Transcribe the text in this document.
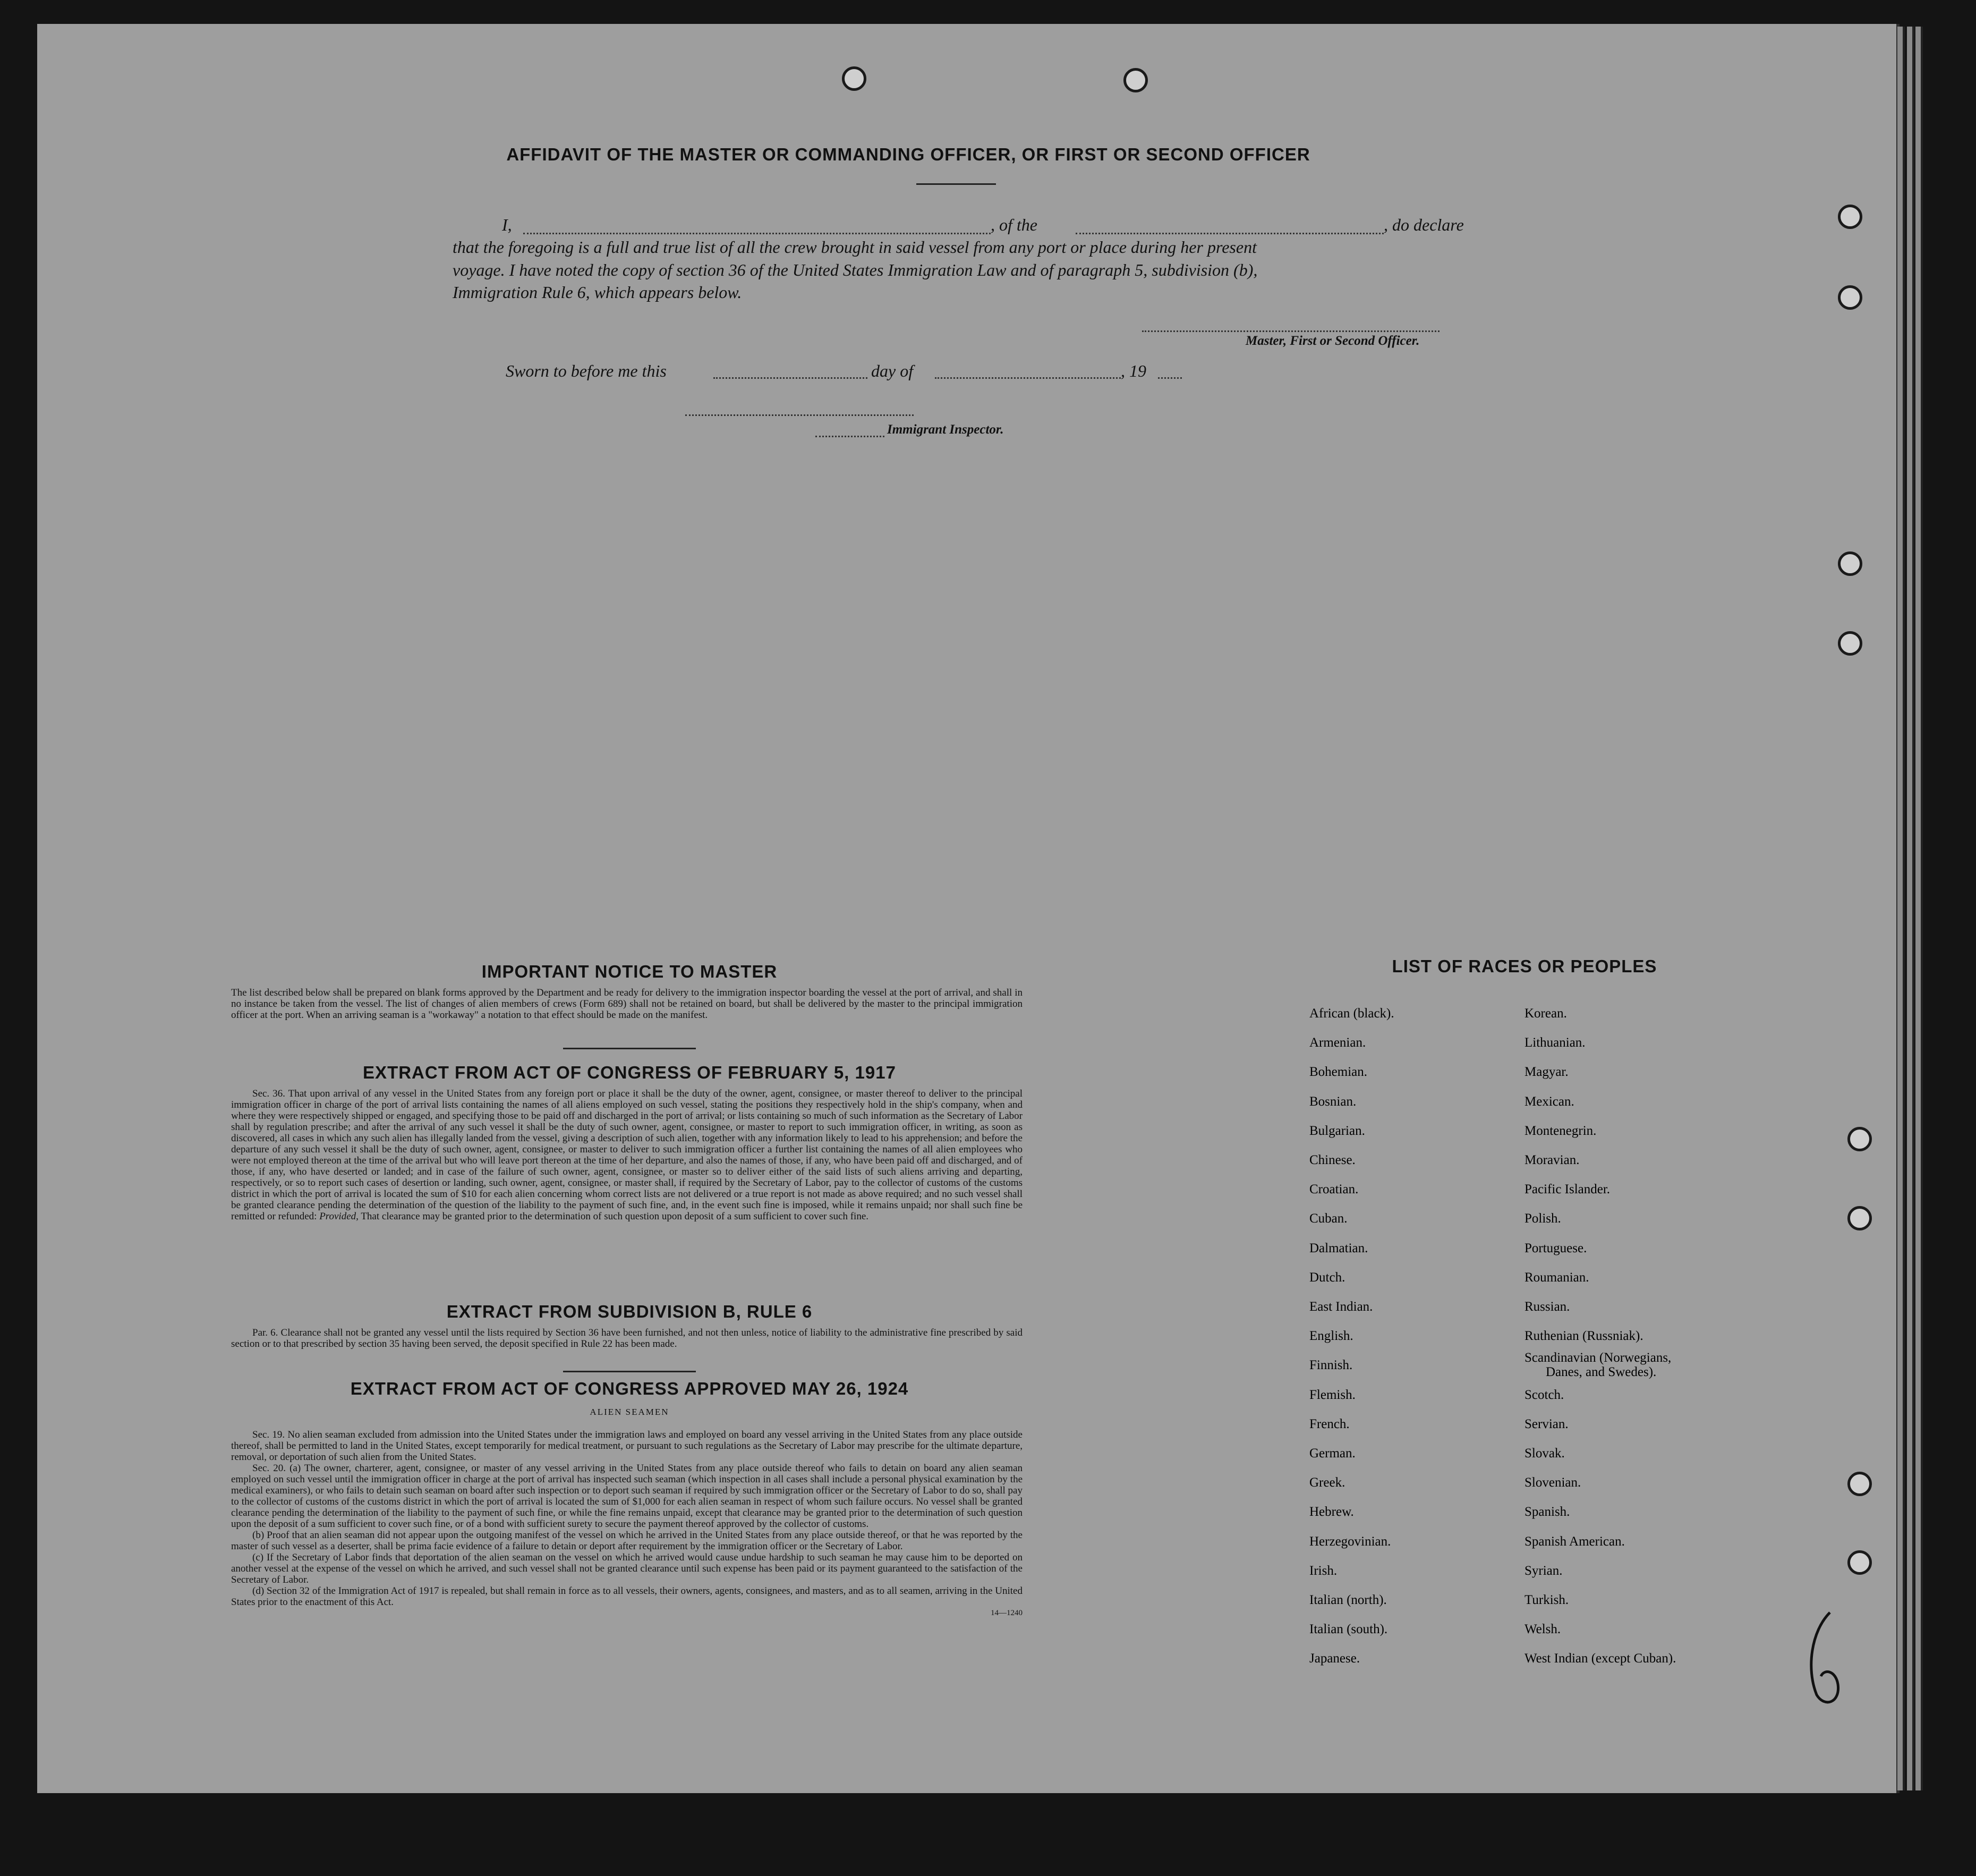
AFFIDAVIT OF THE MASTER OR COMMANDING OFFICER, OR FIRST OR SECOND OFFICER
I,	, of the	, do declare
that the foregoing is a full and true list of all the crew brought in said vessel from any port or place during her present
voyage. I have noted the copy of section 36 of the United States Immigration Law and of paragraph 5, subdivision (b),
Immigration Rule 6, which appears below.
Master, First or Second Officer.
Sworn to before me this	day of	, 19
Immigrant Inspector.
IMPORTANT NOTICE TO MASTER
The list described below shall be prepared on blank forms approved by the Department and be ready for delivery to the immigration inspector boarding the vessel at the port of arrival, and shall in no instance be taken from the vessel. The list of changes of alien members of crews (Form 689) shall not be retained on board, but shall be delivered by the master to the principal immigration officer at the port. When an arriving seaman is a "workaway" a notation to that effect should be made on the manifest.
EXTRACT FROM ACT OF CONGRESS OF FEBRUARY 5, 1917
Sec. 36. That upon arrival of any vessel in the United States from any foreign port or place it shall be the duty of the owner, agent, consignee, or master thereof to deliver to the principal immigration officer in charge of the port of arrival lists containing the names of all aliens employed on such vessel, stating the positions they respectively hold in the ship's company, when and where they were respectively shipped or engaged, and specifying those to be paid off and discharged in the port of arrival; or lists containing so much of such information as the Secretary of Labor shall by regulation prescribe; and after the arrival of any such vessel it shall be the duty of such owner, agent, consignee, or master to report to such immigration officer, in writing, as soon as discovered, all cases in which any such alien has illegally landed from the vessel, giving a description of such alien, together with any information likely to lead to his apprehension; and before the departure of any such vessel it shall be the duty of such owner, agent, consignee, or master to deliver to such immigration officer a further list containing the names of all alien employees who were not employed thereon at the time of the arrival but who will leave port thereon at the time of her departure, and also the names of those, if any, who have been paid off and discharged, and of those, if any, who have deserted or landed; and in case of the failure of such owner, agent, consignee, or master so to deliver either of the said lists of such aliens arriving and departing, respectively, or so to report such cases of desertion or landing, such owner, agent, consignee, or master shall, if required by the Secretary of Labor, pay to the collector of customs of the customs district in which the port of arrival is located the sum of $10 for each alien concerning whom correct lists are not delivered or a true report is not made as above required; and no such vessel shall be granted clearance pending the determination of the question of the liability to the payment of such fine, and, in the event such fine is imposed, while it remains unpaid; nor shall such fine be remitted or refunded: Provided, That clearance may be granted prior to the determination of such question upon deposit of a sum sufficient to cover such fine.
EXTRACT FROM SUBDIVISION B, RULE 6
Par. 6. Clearance shall not be granted any vessel until the lists required by Section 36 have been furnished, and not then unless, notice of liability to the administrative fine prescribed by said section or to that prescribed by section 35 having been served, the deposit specified in Rule 22 has been made.
EXTRACT FROM ACT OF CONGRESS APPROVED MAY 26, 1924
ALIEN SEAMEN
Sec. 19. No alien seaman excluded from admission into the United States under the immigration laws and employed on board any vessel arriving in the United States from any place outside thereof, shall be permitted to land in the United States, except temporarily for medical treatment, or pursuant to such regulations as the Secretary of Labor may prescribe for the ultimate departure, removal, or deportation of such alien from the United States.
Sec. 20. (a) The owner, charterer, agent, consignee, or master of any vessel arriving in the United States from any place outside thereof who fails to detain on board any alien seaman employed on such vessel until the immigration officer in charge at the port of arrival has inspected such seaman (which inspection in all cases shall include a personal physical examination by the medical examiners), or who fails to detain such seaman on board after such inspection or to deport such seaman if required by such immigration officer or the Secretary of Labor to do so, shall pay to the collector of customs of the customs district in which the port of arrival is located the sum of $1,000 for each alien seaman in respect of whom such failure occurs. No vessel shall be granted clearance pending the determination of the liability to the payment of such fine, or while the fine remains unpaid, except that clearance may be granted prior to the determination of such question upon the deposit of a sum sufficient to cover such fine, or of a bond with sufficient surety to secure the payment thereof approved by the collector of customs.
(b) Proof that an alien seaman did not appear upon the outgoing manifest of the vessel on which he arrived in the United States from any place outside thereof, or that he was reported by the master of such vessel as a deserter, shall be prima facie evidence of a failure to detain or deport after requirement by the immigration officer or the Secretary of Labor.
(c) If the Secretary of Labor finds that deportation of the alien seaman on the vessel on which he arrived would cause undue hardship to such seaman he may cause him to be deported on another vessel at the expense of the vessel on which he arrived, and such vessel shall not be granted clearance until such expense has been paid or its payment guaranteed to the satisfaction of the Secretary of Labor.
(d) Section 32 of the Immigration Act of 1917 is repealed, but shall remain in force as to all vessels, their owners, agents, consignees, and masters, and as to all seamen, arriving in the United States prior to the enactment of this Act.
14—1240
LIST OF RACES OR PEOPLES
African (black).
Armenian.
Bohemian.
Bosnian.
Bulgarian.
Chinese.
Croatian.
Cuban.
Dalmatian.
Dutch.
East Indian.
English.
Finnish.
Flemish.
French.
German.
Greek.
Hebrew.
Herzegovinian.
Irish.
Italian (north).
Italian (south).
Japanese.
Korean.
Lithuanian.
Magyar.
Mexican.
Montenegrin.
Moravian.
Pacific Islander.
Polish.
Portuguese.
Roumanian.
Russian.
Ruthenian (Russniak).
Scandinavian (Norwegians,
Danes, and Swedes).
Scotch.
Servian.
Slovak.
Slovenian.
Spanish.
Spanish American.
Syrian.
Turkish.
Welsh.
West Indian (except Cuban).
